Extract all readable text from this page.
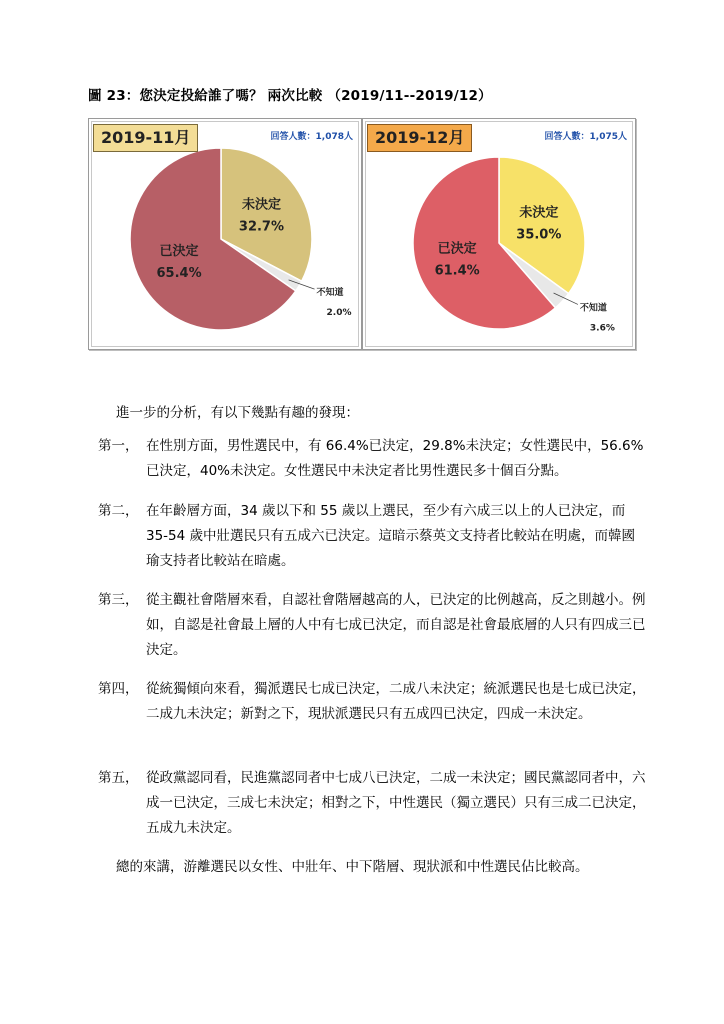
圖 23：您決定投給誰了嗎？ 兩次比較 （2019/11--2019/12）
未決定
32.7%
不知道
2.0%
已決定
65.4%
2019-11月	回答人數：1,078人
未決定
35.0%
不知道
3.6%
已決定
61.4%
2019-12月	回答人數：1,075人
進一步的分析，有以下幾點有趣的發現：
第一， 在性別方面，男性選民中，有 66.4%已決定，29.8%未決定；女性選民中，56.6%已決定，40%未決定。女性選民中未決定者比男性選民多十個百分點。
第二， 在年齡層方面，34 歲以下和 55 歲以上選民，至少有六成三以上的人已決定，而 35-54 歲中壯選民只有五成六已決定。這暗示蔡英文支持者比較站在明處，而韓國瑜支持者比較站在暗處。
第三， 從主觀社會階層來看，自認社會階層越高的人，已決定的比例越高，反之則越小。例如，自認是社會最上層的人中有七成已決定，而自認是社會最底層的人只有四成三已決定。
第四， 從統獨傾向來看，獨派選民七成已決定，二成八未決定；統派選民也是七成已決定，二成九未決定；新對之下，現狀派選民只有五成四已決定，四成一未決定。
第五， 從政黨認同看，民進黨認同者中七成八已決定，二成一未決定；國民黨認同者中，六成一已決定，三成七未決定；相對之下，中性選民（獨立選民）只有三成二已決定，五成九未決定。
總的來講，游離選民以女性、中壯年、中下階層、現狀派和中性選民佔比較高。
